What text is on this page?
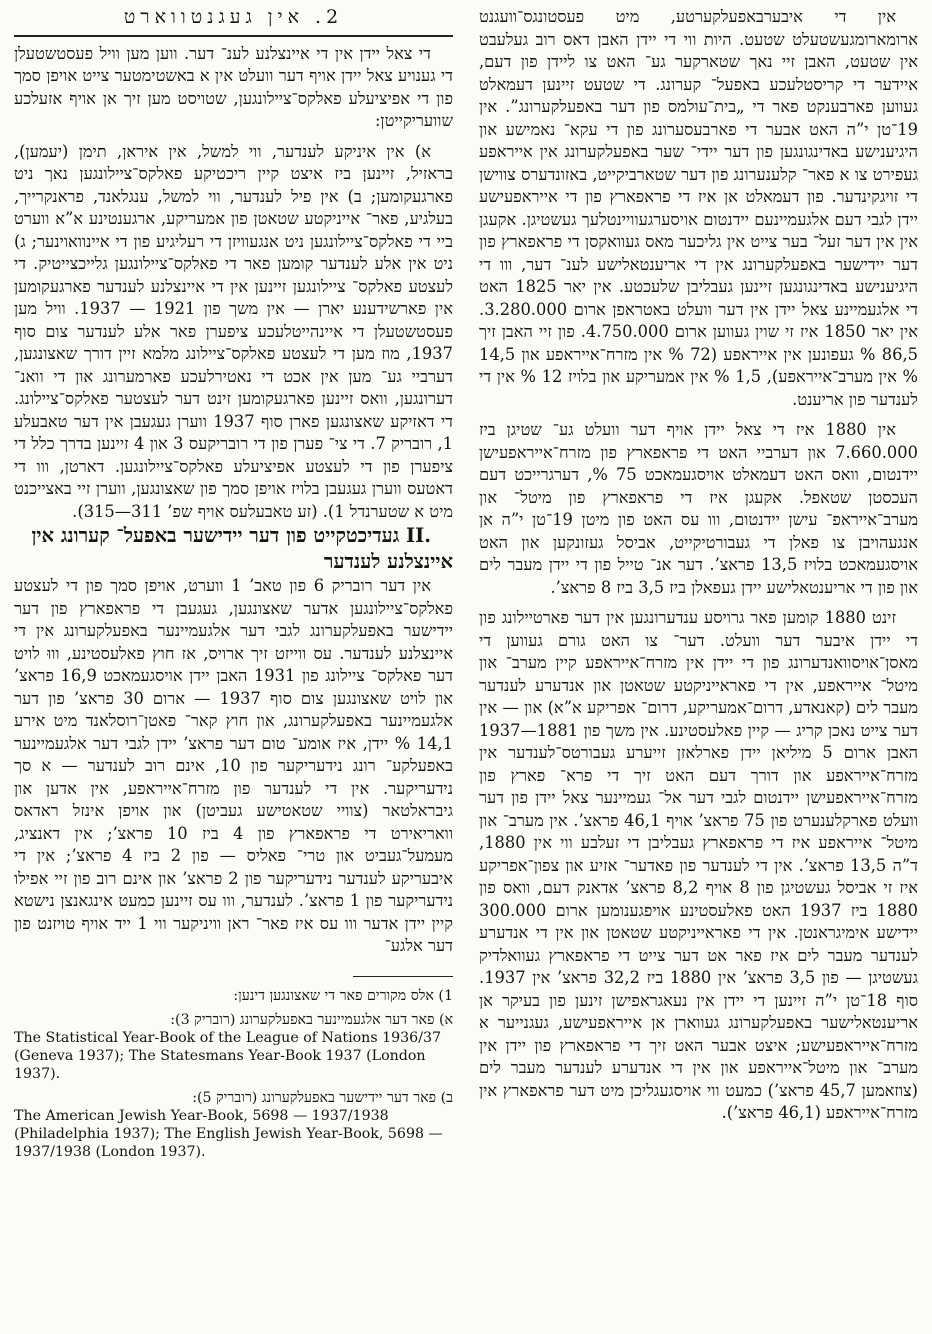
אין די איבערבאפעלקערטע, מיט פעסטונגס־וועגנט ארומארומגעשטעלט שטעט. היות ווי די יידן האבן דאס רוב געלעבט אין שטעט, האבן זיי נאך שטארקער גע־ האט צו ליידן פון דעם, איידער די קריסטלעכע באפעל־ קערונג. די שטעט זיינען דעמאלט געווען פארבענקט פאר די „בית־עולמס פון דער באפעלקערונג”. אין 19־טן י”ה האט אבער די פארבעסערונג פון די עקא־ נאמישע און היגיענישע באדינגונגען פון דער יידי־ שער באפעלקערונג אין אייראפע געפירט צו א פאר־ קלענערונג פון דער שטארביקייט, באזונדערס צווישן די זויגקינדער. פון דעמאלט אן איז די פראפארץ פון די אייראפעישע יידן לגבי דעם אלגעמיינעם יידנטום אויסערגעוויינטלעך געשטיגן. אקעגן אין אין דער זעל־ בער צייט אין גליכער מאס געוואקסן די פראפארץ פון דער יידישער באפעלקערונג אין די אריענטאלישע לענ־ דער, ווו די היגיענישע באדינגונגען זיינען געבליבן שלעכטע. אין יאר 1825 האט די אלגעמיינע צאל יידן אין דער וועלט באטראפן ארום 3.280.000. אין יאר 1850 איז זי שוין געווען ארום 4.750.000. פון זיי האבן זיך 86,5 % געפונען אין אייראפע (72 % אין מזרח־אייראפע און 14,5 % אין מערב־אייראפע), 1,5 % אין אמעריקע און בלויז 12 % אין די לענדער פון אריענט.

אין 1880 איז די צאל יידן אויף דער וועלט גע־ שטיגן ביז 7.660.000 און דערביי האט די פראפארץ פון מזרח־אייראפעישן יידנטום, וואס האט דעמאלט אויסגעמאכט 75 %, דערגרייכט דעם העכסטן שטאפל. אקעגן איז די פראפארץ פון מיטל־ און מערב־אייראפ־ עישן יידנטום, ווו עס האט פון מיטן 19־טן י”ה אן אנגעהויבן צו פאלן די געבורטיקייט, אביסל געזונקען און האט אויסגעמאכט בלויז 13,5 פראצ’. דער אנ־ טייל פון די יידן מעבר לים און פון די אריענטאלישע יידן געפאלן ביז 3,5 ביז 8 פראצ’.

זינט 1880 קומען פאר גרויסע ענדערונגען אין דער פארטיילונג פון די יידן איבער דער וועלט. דער־ צו האט גורם געווען די מאסן־אויסוואנדערונג פון די יידן אין מזרח־אייראפע קיין מערב־ און מיטל־ אייראפע, אין די פאראייניקטע שטאטן און אנדערע לענדער מעבר לים (קאנאדע, דרום־אמעריקע, דרום־ אפריקע א”א) און — אין דער צייט נאכן קריג — קיין פאלעסטינע. אין משך פון 1881—1937 האבן ארום 5 מיליאן יידן פארלאזן זייערע געבורטס־לענדער אין מזרח־אייראפע און דורך דעם האט זיך די פרא־ פארץ פון מזרח־אייראפעישן יידנטום לגבי דער אל־ געמיינער צאל יידן פון דער וועלט פארקלענערט פון 75 פראצ’ אויף 46,1 פראצ’. אין מערב־ און מיטל־ אייראפע איז די פראפארץ געבליבן די זעלבע ווי אין 1880, ד”ה 13,5 פראצ’. אין די לענדער פון פאדער־ אזיע און צפון־אפריקע איז זי אביסל געשטיגן פון 8 אויף 8,2 פראצ’ אדאנק דעם, וואס פון 1880 ביז 1937 האט פאלעסטינע אויפגענומען ארום 300.000 יידישע אימיגראנטן. אין די פאראייניקטע שטאטן און אין די אנדערע לענדער מעבר לים איז פאר אט דער צייט די פראפארץ געוואלדיק געשטיגן — פון 3,5 פראצ’ אין 1880 ביז 32,2 פראצ’ אין 1937. סוף 18־טן י”ה זיינען די יידן אין נעאגראפישן זינען פון בעיקר אן אריענטאלישער באפעלקערונג געווארן אן אייראפעישע, געגנייער א מזרח־אייראפעישע; איצט אבער האט זיך די פראפארץ פון יידן אין מערב־ און מיטל־אייראפע און אין די אנדערע לענדער מעבר לים (צוזאמען 45,7 פראצ’) כמעט ווי אויסגעגליכן מיט דער פראפארץ אין מזרח־אייראפע (46,1 פראצ’).

2. אין געגנטווארט

די צאל יידן אין די איינצלנע לענ־ דער. ווען מען וויל פעסטשטעלן די גענויע צאל יידן אויף דער וועלט אין א באשטימטער צייט אויפן סמך פון די אפיציעלע פאלקס־ציילונגען, שטויסט מען זיך אן אויף אזעלכע שוועריקייטן:

א) אין איניקע לענדער, ווי למשל, אין איראן, תימן (יעמען), בראזיל, זיינען ביז איצט קיין ריכטיקע פאלקס־ציילונגען נאך ניט פארגעקומען; ב) אין פיל לענדער, ווי למשל, ענגלאנד, פראנקרייך, בעלגיע, פאר־ אייניקטע שטאטן פון אמעריקע, ארגענטינע א”א ווערט ביי די פאלקס־ציילונגען ניט אנגעוויזן די רעליגיע פון די איינוואוינער; ג) ניט אין אלע לענדער קומען פאר די פאלקס־ציילונגען גלייכצייטיק. די לעצטע פאלקס־ ציילונגען זיינען אין די איינצלנע לענדער פארגעקומען אין פארשידענע יארן — אין משך פון 1921 — 1937. וויל מען פעסטשטעלן די איינהייטלעכע ציפערן פאר אלע לענדער צום סוף 1937, מוז מען די לעצטע פאלקס־ציילונג מלמא זיין דורך שאצונגען, דערביי גע־ מען אין אכט די נאטירלעכע פארמערונג און די וואנ־ דערונגען, וואס זיינען פארגעקומען זינט דער לעצטער פאלקס־ציילונג. די דאזיקע שאצונגען פארן סוף 1937 ווערן געגעבן אין דער טאבעלע 1, רובריק 7. די צי־ פערן פון די רובריקעס 3 און 4 זיינען בדרך כלל די ציפערן פון די לעצטע אפיציעלע פאלקס־ציילונגען. דארטן, ווו די דאטעס ווערן געגעבן בלויז אויפן סמך פון שאצונגען, ווערן זיי באצייכנט מיט א שטערנדל 1). (זע טאבעלעס אויף שפ’ 311—315).

II. געדיכטקייט פון דער יידישער באפעל־ קערונג אין איינצלנע לענדער

אין דער רובריק 6 פון טאב’ 1 ווערט, אויפן סמך פון די לעצטע פאלקס־ציילונגען אדער שאצונגען, געגעבן די פראפארץ פון דער יידישער באפעלקערונג לגבי דער אלגעמיינער באפעלקערונג אין די איינצלנע לענדער. עס ווייזט זיך ארויס, אז חוץ פאלעסטינע, וווּ לויט דער פאלקס־ ציילונג פון 1931 האבן יידן אויסגעמאכט 16,9 פראצ’ און לויט שאצונגען צום סוף 1937 — ארום 30 פראצ’ פון דער אלגעמיינער באפעלקערונג, און חוץ קאר־ פאטן־רוסלאנד מיט אירע 14,1 % יידן, איז אומע־ טום דער פראצ’ יידן לגבי דער אלגעמיינער באפעלקע־ רונג נידעריקער פון 10, אינם רוב לענדער — א סך נידעריקער. אין די לענדער פון מזרח־אייראפע, אין אדען און גיבראלטאר (צוויי שטאטישע געביטן) און אויפן אינזל ראדאס וואריאירט די פראפארץ פון 4 ביז 10 פראצ’; אין דאנציג, מעמעל־געביט און טרי־ פאליס — פון 2 ביז 4 פראצ’; אין די איבעריקע לענדער נידעריקער פון 2 פראצ’ און אינם רוב פון זיי אפילו נידעריקער פון 1 פראצ’. לענדער, ווו עס זיינען כמעט אינגאנצן נישטא קיין יידן אדער ווו עס איז פאר־ ראן וויניקער ווי 1 ייד אויף טויזנט פון דער אלגע־

1) אלס מקורים פאר די שאצונגען דינען:

א) פאר דער אלגעמיינער באפעלקערונג (רובריק 3):

The Statistical Year-Book of the League of Nations 1936/37 (Geneva 1937); The Statesmans Year-Book 1937 (London 1937).

ב) פאר דער יידישער באפעלקערונג (רובריק 5):

The American Jewish Year-Book, 5698 — 1937/1938 (Philadelphia 1937); The English Jewish Year-Book, 5698 — 1937/1938 (London 1937).
